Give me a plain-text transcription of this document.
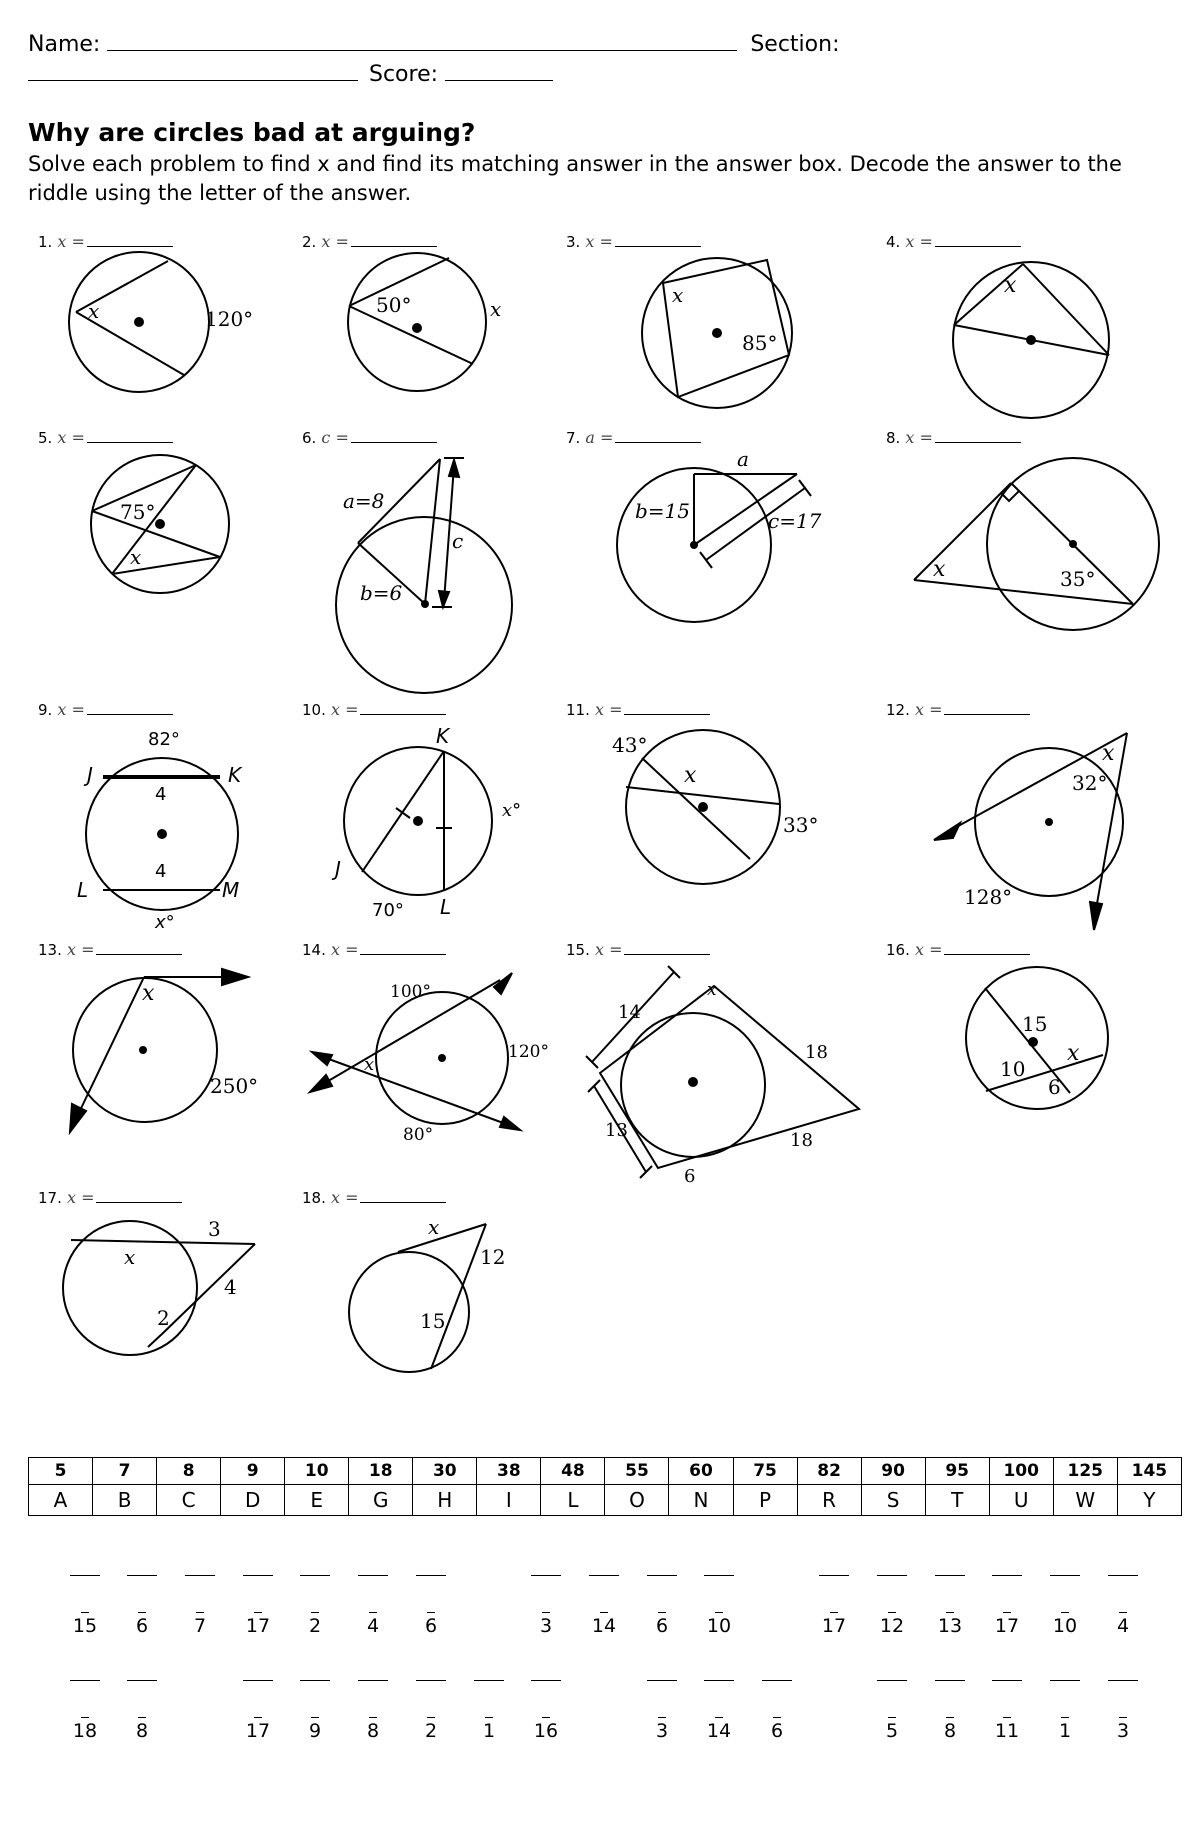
Name:	Section:
Score:
Why are circles bad at arguing?
Solve each problem to find x and find its matching answer in the answer box. Decode the answer to the riddle using the letter of the answer.
1. x =	2. x =	3. x =	4. x =
5. x =	6. c =	7. a =	8. x =
9. x =	10. x =	11. x =	12. x =
13. x =	14. x =	15. x =	16. x =
17. x =	18. x =
x	120°
50°	x
x
85°
x
75°
x
a=8
b=6
c
a
b=15	c=17
x	35°
82°
J	K
4
4
L	M
x°
K
J
L
70°
x°
43°
x
33°
x
32°
128°
x
250°
100°
120°
80°
x
14
x
18
13	18
6
15
10
x
6
x
3
4
2
x
12
15
5	7	8	9	10	18	30	38	48	55	60	75	82	90	95	100	125	145
A	B	C	D	E	G	H	I	L	O	N	P	R	S	T	U	W	Y
15	6	7	17	2	4	6	3	14	6	10	17 12 13 17 10	4
18	8	17	9	8	2	1	16	3	14	6	5	8	11	1	3
